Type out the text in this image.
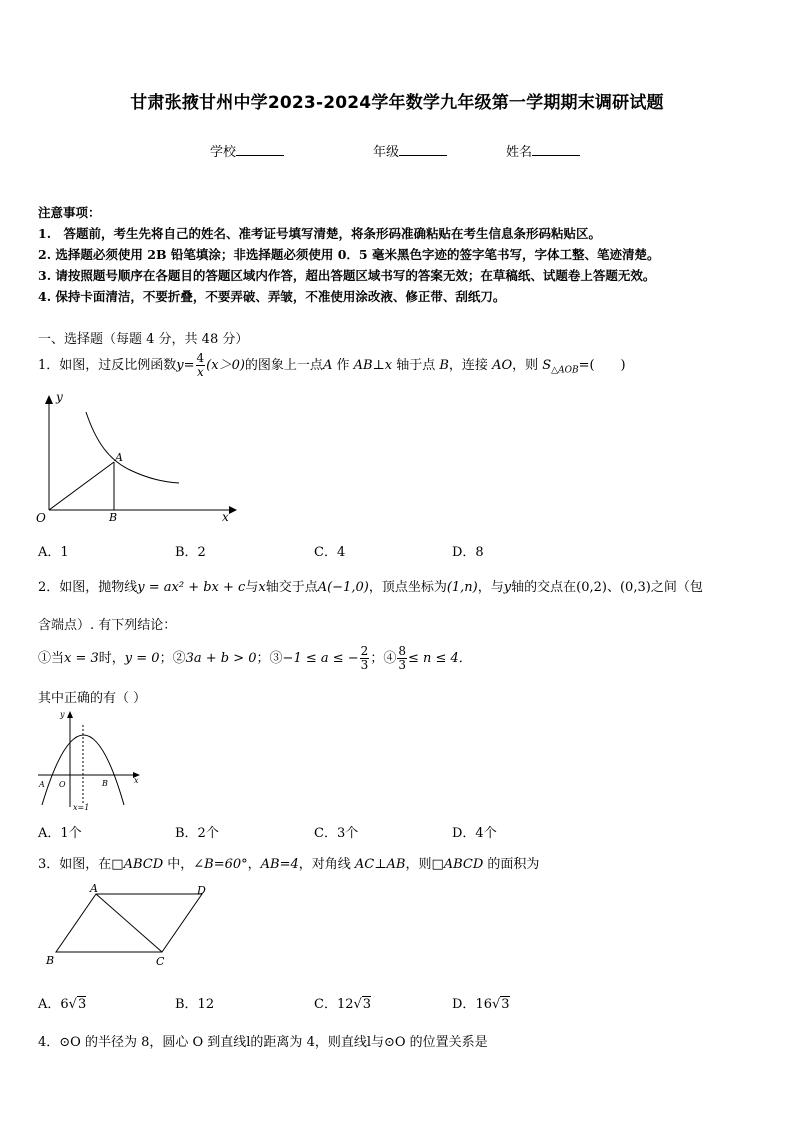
甘肃张掖甘州中学2023-2024学年数学九年级第一学期期末调研试题
学校	年级	姓名
注意事项：
1.　答题前，考生先将自己的姓名、准考证号填写清楚，将条形码准确粘贴在考生信息条形码粘贴区。
2. 选择题必须使用 2B 铅笔填涂；非选择题必须使用 0．5 毫米黑色字迹的签字笔书写，字体工整、笔迹清楚。
3. 请按照题号顺序在各题目的答题区域内作答，超出答题区域书写的答案无效；在草稿纸、试题卷上答题无效。
4. 保持卡面清洁，不要折叠，不要弄破、弄皱，不准使用涂改液、修正带、刮纸刀。
一、选择题（每题 4 分，共 48 分）
1．如图，过反比例函数$y= \frac{4}{x} (x>0)$的图象上一点A 作 AB⊥x 轴于点 B，连接 AO，则 $S_{\triangle AOB}=$(　　)
y
x
O
A
B
A．1	B．2	C．4	D．8
2．如图，抛物线y = ax² + bx + c与x轴交于点A(−1,0)，顶点坐标为(1,n)，与y轴的交点在(0,2)、(0,3)之间（包
含端点）. 有下列结论：
①当x = 3时，y = 0；②3a + b > 0；③−1 ≤ a ≤ − $\frac{2}{3}$ ；④ $\frac{8}{3} \le n \le 4$．
其中正确的有（ ）
y
x
O
A	B
x=1
A．1个	B．2个	C．3个	D．4个
3．如图，在□ABCD 中，∠B=60°，AB=4，对角线 AC⊥AB，则□ABCD 的面积为
A	D
B	C
A．6√3	B．12	C．12√3	D．16√3
4．⊙O 的半径为 8，圆心 O 到直线l的距离为 4，则直线l与⊙O 的位置关系是
